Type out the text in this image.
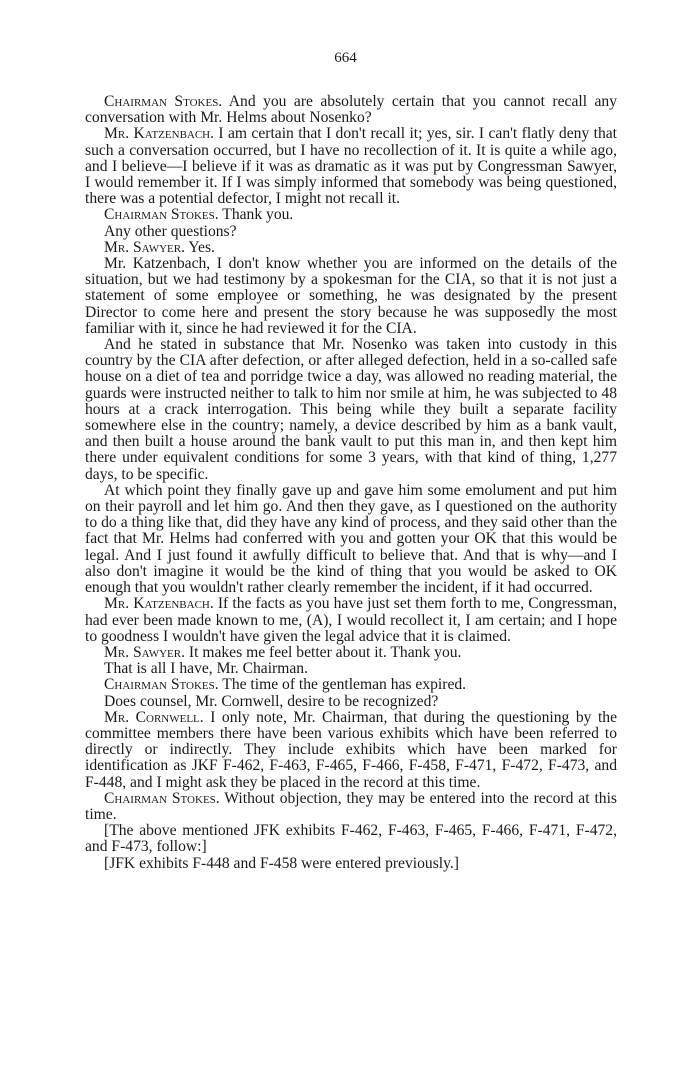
664

Chairman Stokes. And you are absolutely certain that you cannot recall any conversation with Mr. Helms about Nosenko?

Mr. Katzenbach. I am certain that I don't recall it; yes, sir. I can't flatly deny that such a conversation occurred, but I have no recollection of it. It is quite a while ago, and I believe—I believe if it was as dramatic as it was put by Congressman Sawyer, I would remember it. If I was simply informed that somebody was being questioned, there was a potential defector, I might not recall it.

Chairman Stokes. Thank you.

Any other questions?

Mr. Sawyer. Yes.

Mr. Katzenbach, I don't know whether you are informed on the details of the situation, but we had testimony by a spokesman for the CIA, so that it is not just a statement of some employee or something, he was designated by the present Director to come here and present the story because he was supposedly the most familiar with it, since he had reviewed it for the CIA.

And he stated in substance that Mr. Nosenko was taken into custody in this country by the CIA after defection, or after alleged defection, held in a so-called safe house on a diet of tea and porridge twice a day, was allowed no reading material, the guards were instructed neither to talk to him nor smile at him, he was subjected to 48 hours at a crack interrogation. This being while they built a separate facility somewhere else in the country; namely, a device described by him as a bank vault, and then built a house around the bank vault to put this man in, and then kept him there under equivalent conditions for some 3 years, with that kind of thing, 1,277 days, to be specific.

At which point they finally gave up and gave him some emolument and put him on their payroll and let him go. And then they gave, as I questioned on the authority to do a thing like that, did they have any kind of process, and they said other than the fact that Mr. Helms had conferred with you and gotten your OK that this would be legal. And I just found it awfully difficult to believe that. And that is why—and I also don't imagine it would be the kind of thing that you would be asked to OK enough that you wouldn't rather clearly remember the incident, if it had occurred.

Mr. Katzenbach. If the facts as you have just set them forth to me, Congressman, had ever been made known to me, (A), I would recollect it, I am certain; and I hope to goodness I wouldn't have given the legal advice that it is claimed.

Mr. Sawyer. It makes me feel better about it. Thank you.

That is all I have, Mr. Chairman.

Chairman Stokes. The time of the gentleman has expired.

Does counsel, Mr. Cornwell, desire to be recognized?

Mr. Cornwell. I only note, Mr. Chairman, that during the questioning by the committee members there have been various exhibits which have been referred to directly or indirectly. They include exhibits which have been marked for identification as JKF F-462, F-463, F-465, F-466, F-458, F-471, F-472, F-473, and F-448, and I might ask they be placed in the record at this time.

Chairman Stokes. Without objection, they may be entered into the record at this time.

[The above mentioned JFK exhibits F-462, F-463, F-465, F-466, F-471, F-472, and F-473, follow:]

[JFK exhibits F-448 and F-458 were entered previously.]
